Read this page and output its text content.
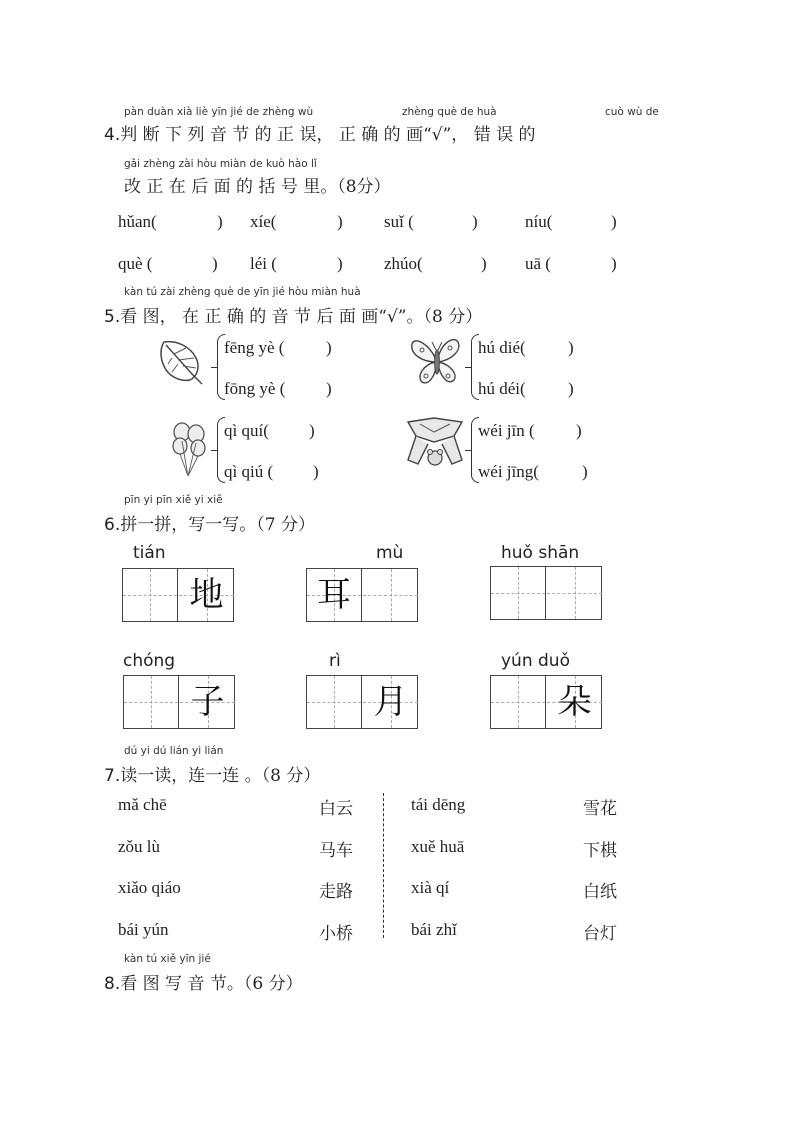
pàn duàn xià liè yīn jié de zhèng wù	zhèng què de huà	cuò wù de
4.判 断 下 列 音 节 的 正 误， 正 确 的 画“√”， 错 误 的
gǎi zhèng zài hòu miàn de kuò hào lǐ
改 正 在 后 面 的 括 号 里。（8分）
hǔan(	) xíe(	) suǐ (	)	níu(	)
què (	) léi (	) zhúo(	) uā (	)
kàn tú zài zhèng què de yīn jié hòu miàn huà
5.看 图， 在 正 确 的 音 节 后 面 画“√”。（8 分）
fēng yè ( )
fōng yè ( )
hú dié( )
hú déi( )
qì quí( )
qì qiú ( )
wéi jīn ( )
wéi jīng(	)
pīn yi pīn xiě yi xiě
6.拼一拼，写一写。（7 分）
tián
地
mù
耳
huǒ shān
chóng
子
rì
月
yún duǒ
朵
dú yi dú lián yi lián
7.读一读，连一连 。（8 分）
mǎ chē
zǒu lù
xiǎo qiáo
bái yún
白云
马车
走路
小桥
tái dēng
xuě huā
xià qí
bái zhǐ
雪花
下棋
白纸
台灯
kàn tú xiě yīn jié
8.看 图 写 音 节。（6 分）
